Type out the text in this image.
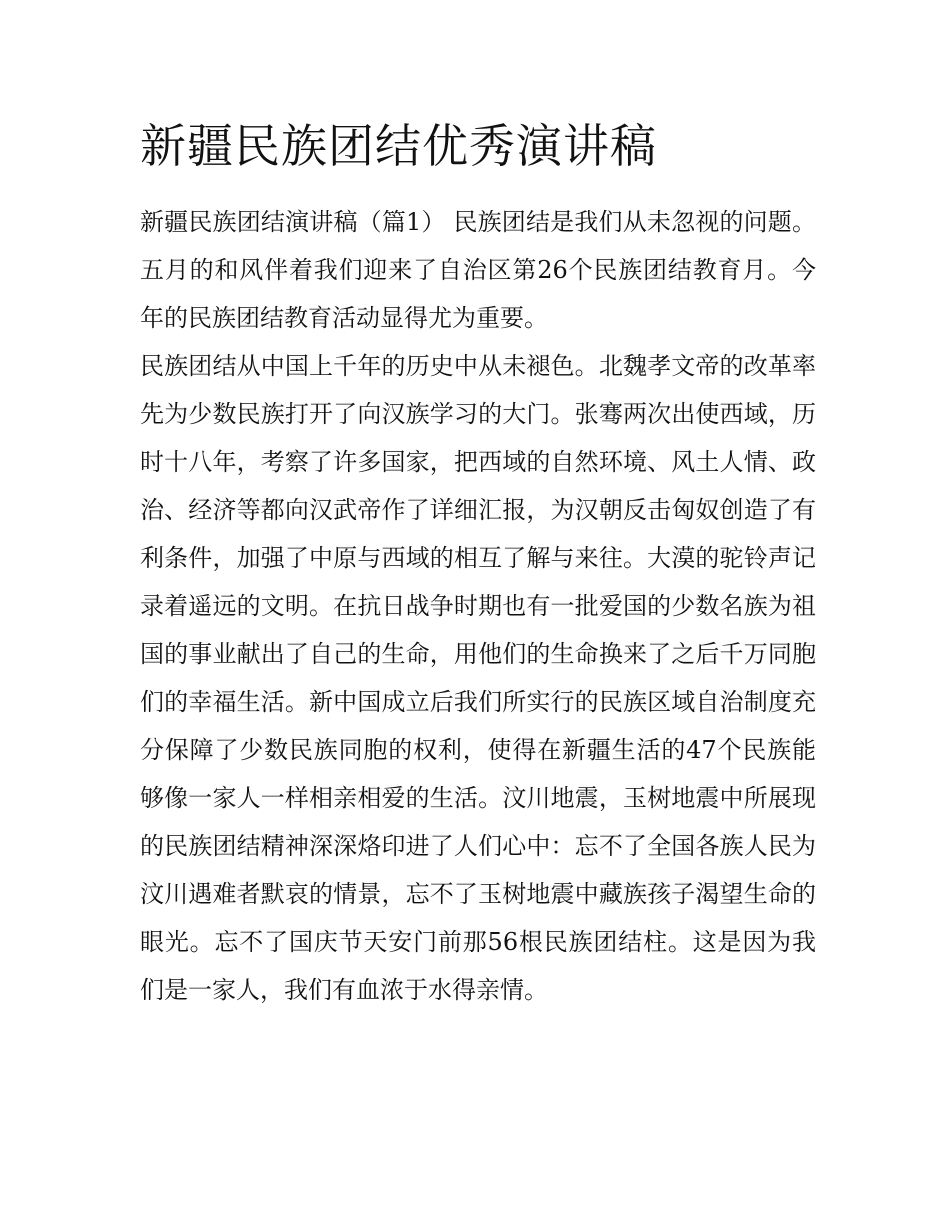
新疆民族团结优秀演讲稿

新疆民族团结演讲稿（篇1） 民族团结是我们从未忽视的问题。五月的和风伴着我们迎来了自治区第26个民族团结教育月。今年的民族团结教育活动显得尤为重要。

民族团结从中国上千年的历史中从未褪色。北魏孝文帝的改革率先为少数民族打开了向汉族学习的大门。张骞两次出使西域，历时十八年，考察了许多国家，把西域的自然环境、风土人情、政治、经济等都向汉武帝作了详细汇报，为汉朝反击匈奴创造了有利条件，加强了中原与西域的相互了解与来往。大漠的驼铃声记录着遥远的文明。在抗日战争时期也有一批爱国的少数名族为祖国的事业献出了自己的生命，用他们的生命换来了之后千万同胞们的幸福生活。新中国成立后我们所实行的民族区域自治制度充分保障了少数民族同胞的权利，使得在新疆生活的47个民族能够像一家人一样相亲相爱的生活。汶川地震，玉树地震中所展现的民族团结精神深深烙印进了人们心中：忘不了全国各族人民为汶川遇难者默哀的情景，忘不了玉树地震中藏族孩子渴望生命的眼光。忘不了国庆节天安门前那56根民族团结柱。这是因为我们是一家人，我们有血浓于水得亲情。
